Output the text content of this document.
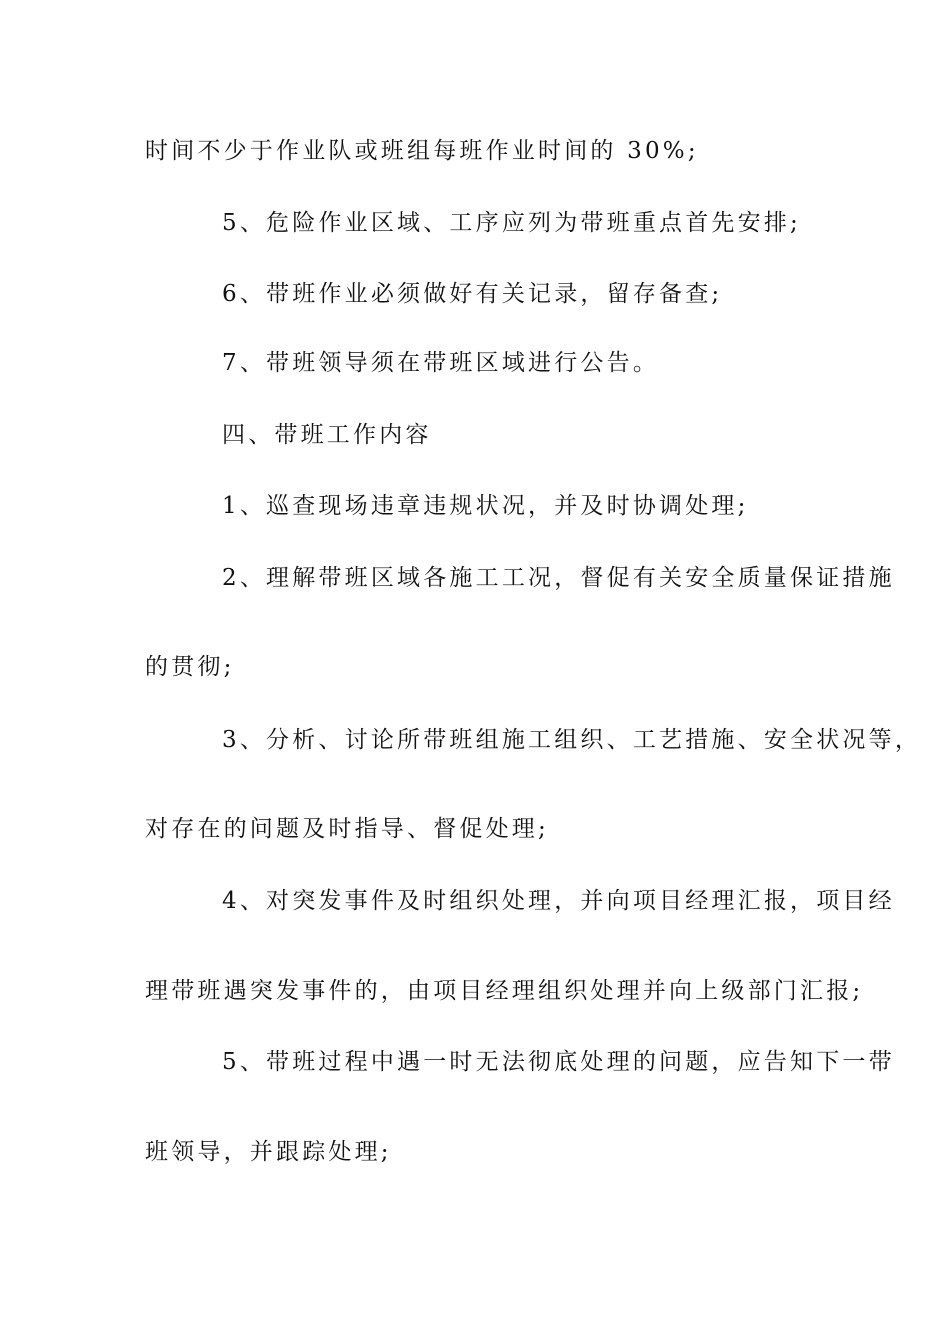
时间不少于作业队或班组每班作业时间的 30%;
5、危险作业区域、工序应列为带班重点首先安排;
6、带班作业必须做好有关记录，留存备查;
7、带班领导须在带班区域进行公告。
四、带班工作内容
1、巡查现场违章违规状况，并及时协调处理;
2、理解带班区域各施工工况，督促有关安全质量保证措施
的贯彻;
3、分析、讨论所带班组施工组织、工艺措施、安全状况等，
对存在的问题及时指导、督促处理;
4、对突发事件及时组织处理，并向项目经理汇报，项目经
理带班遇突发事件的，由项目经理组织处理并向上级部门汇报;
5、带班过程中遇一时无法彻底处理的问题，应告知下一带
班领导，并跟踪处理;
